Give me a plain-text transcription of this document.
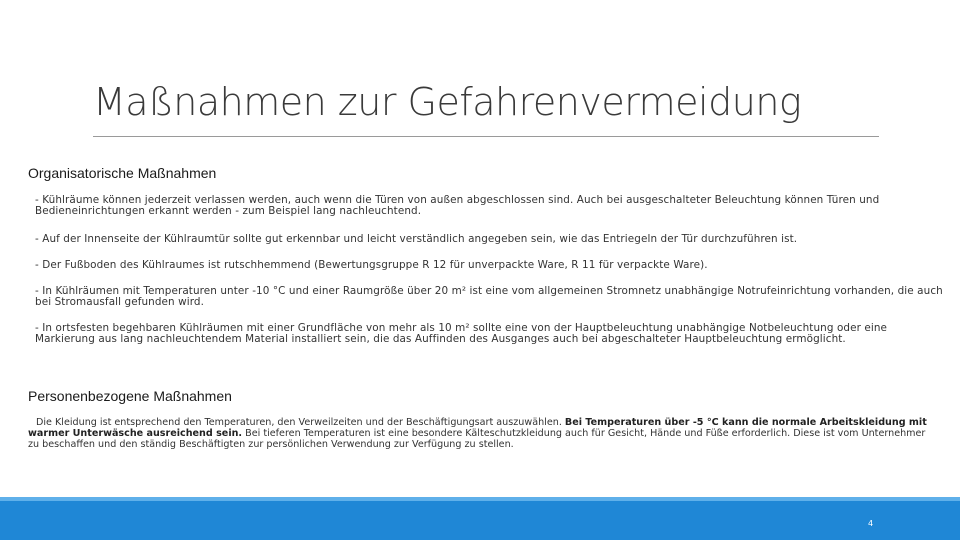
Maßnahmen zur Gefahrenvermeidung
Organisatorische Maßnahmen

- Kühlräume können jederzeit verlassen werden, auch wenn die Türen von außen abgeschlossen sind. Auch bei ausgeschalteter Beleuchtung können Türen und Bedieneinrichtungen erkannt werden - zum Beispiel lang nachleuchtend.

- Auf der Innenseite der Kühlraumtür sollte gut erkennbar und leicht verständlich angegeben sein, wie das Entriegeln der Tür durchzuführen ist.

- Der Fußboden des Kühlraumes ist rutschhemmend (Bewertungsgruppe R 12 für unverpackte Ware, R 11 für verpackte Ware).

- In Kühlräumen mit Temperaturen unter -10 °C und einer Raumgröße über 20 m² ist eine vom allgemeinen Stromnetz unabhängige Notrufeinrichtung vorhanden, die auch bei Stromausfall gefunden wird.

- In ortsfesten begehbaren Kühlräumen mit einer Grundfläche von mehr als 10 m² sollte eine von der Hauptbeleuchtung unabhängige Notbeleuchtung oder eine Markierung aus lang nachleuchtendem Material installiert sein, die das Auffinden des Ausganges auch bei abgeschalteter Hauptbeleuchtung ermöglicht.

Personenbezogene Maßnahmen

Die Kleidung ist entsprechend den Temperaturen, den Verweilzeiten und der Beschäftigungsart auszuwählen. Bei Temperaturen über -5 °C kann die normale Arbeitskleidung mit warmer Unterwäsche ausreichend sein. Bei tieferen Temperaturen ist eine besondere Kälteschutzkleidung auch für Gesicht, Hände und Füße erforderlich. Diese ist vom Unternehmer zu beschaffen und den ständig Beschäftigten zur persönlichen Verwendung zur Verfügung zu stellen.

4
